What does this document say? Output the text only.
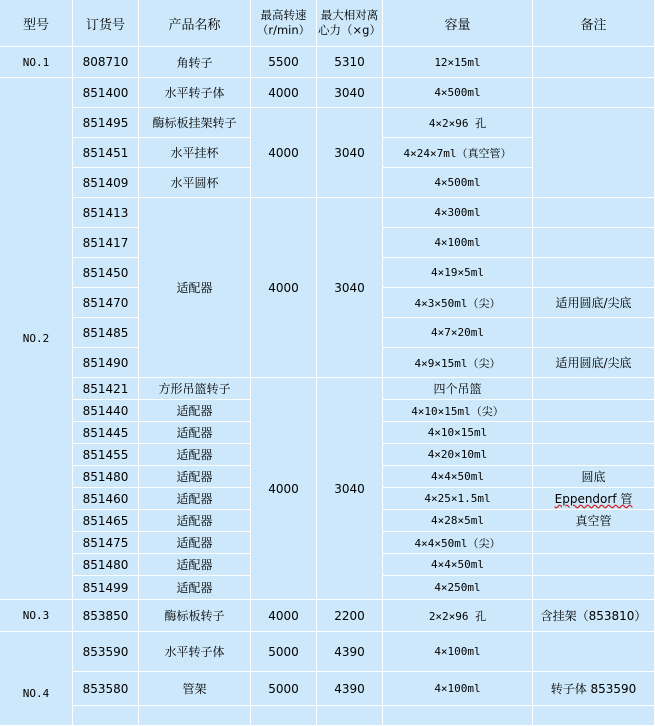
型号	订货号	产品名称	最高转速（r/min）	最大相对离心力（×g）	容量	备注
NO.1	808710	角转子	5500	5310	12×15ml	
NO.2	851400	水平转子体	4000	3040	4×500ml	
	851495	酶标板挂架转子	4000	3040	4×2×96 孔	
	851451	水平挂杯			4×24×7ml（真空管）	
	851409	水平圆杯			4×500ml	
	851413	适配器	4000	3040	4×300ml	
	851417				4×100ml	
	851450				4×19×5ml	
	851470				4×3×50ml（尖）	适用圆底/尖底
	851485				4×7×20ml	
	851490				4×9×15ml（尖）	适用圆底/尖底
	851421	方形吊篮转子	4000	3040	四个吊篮	
	851440	适配器			4×10×15ml（尖）	
	851445	适配器			4×10×15ml	
	851455	适配器			4×20×10ml	
	851480	适配器			4×4×50ml	圆底
	851460	适配器			4×25×1.5ml	Eppendorf 管
	851465	适配器			4×28×5ml	真空管
	851475	适配器			4×4×50ml（尖）	
	851480	适配器			4×4×50ml	
	851499	适配器			4×250ml	
NO.3	853850	酶标板转子	4000	2200	2×2×96 孔	含挂架（853810）
NO.4	853590	水平转子体	5000	4390	4×100ml	
	853580	管架	5000	4390	4×100ml	转子体 853590
